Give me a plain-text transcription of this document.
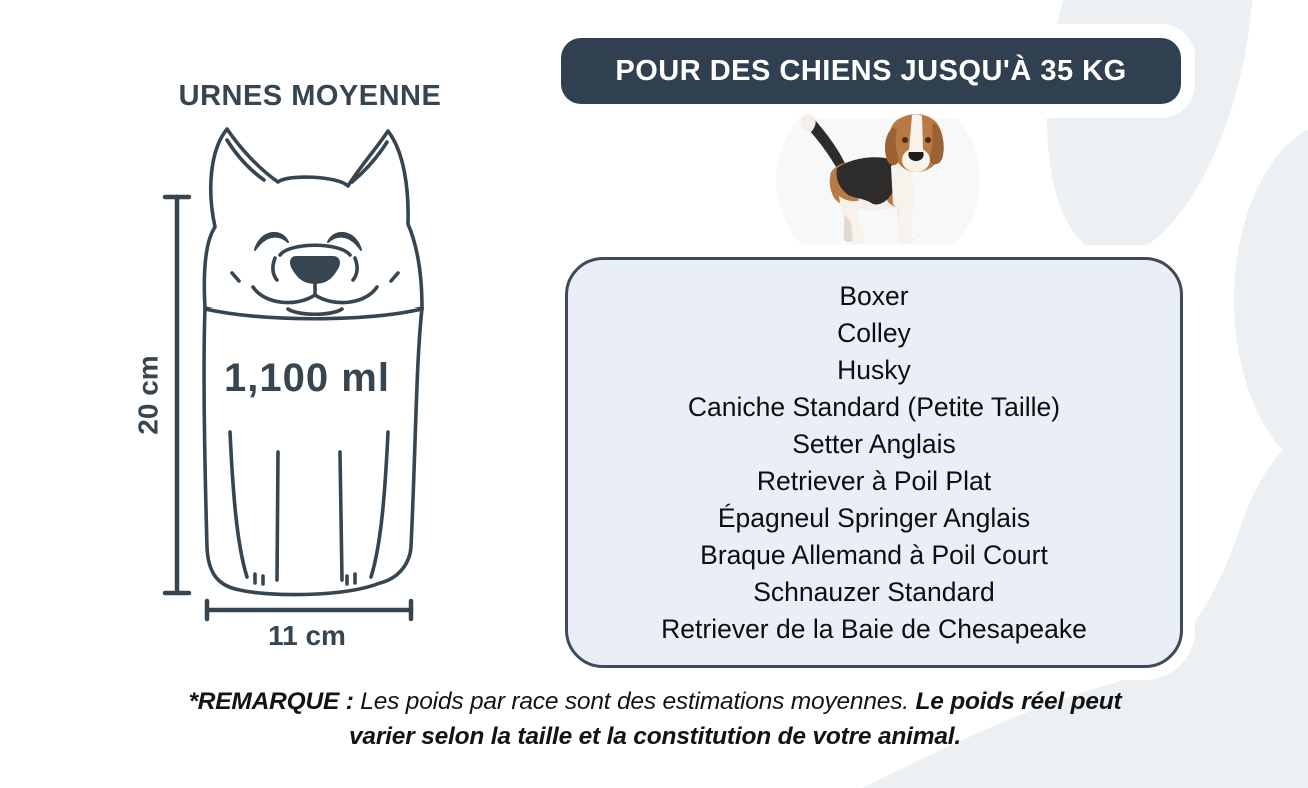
URNES MOYENNE
1,100 ml
20 cm
11 cm
POUR DES CHIENS JUSQU'À 35 KG
Boxer
Colley
Husky
Caniche Standard (Petite Taille)
Setter Anglais
Retriever à Poil Plat
Épagneul Springer Anglais
Braque Allemand à Poil Court
Schnauzer Standard
Retriever de la Baie de Chesapeake
*REMARQUE : Les poids par race sont des estimations moyennes. Le poids réel peut
varier selon la taille et la constitution de votre animal.
